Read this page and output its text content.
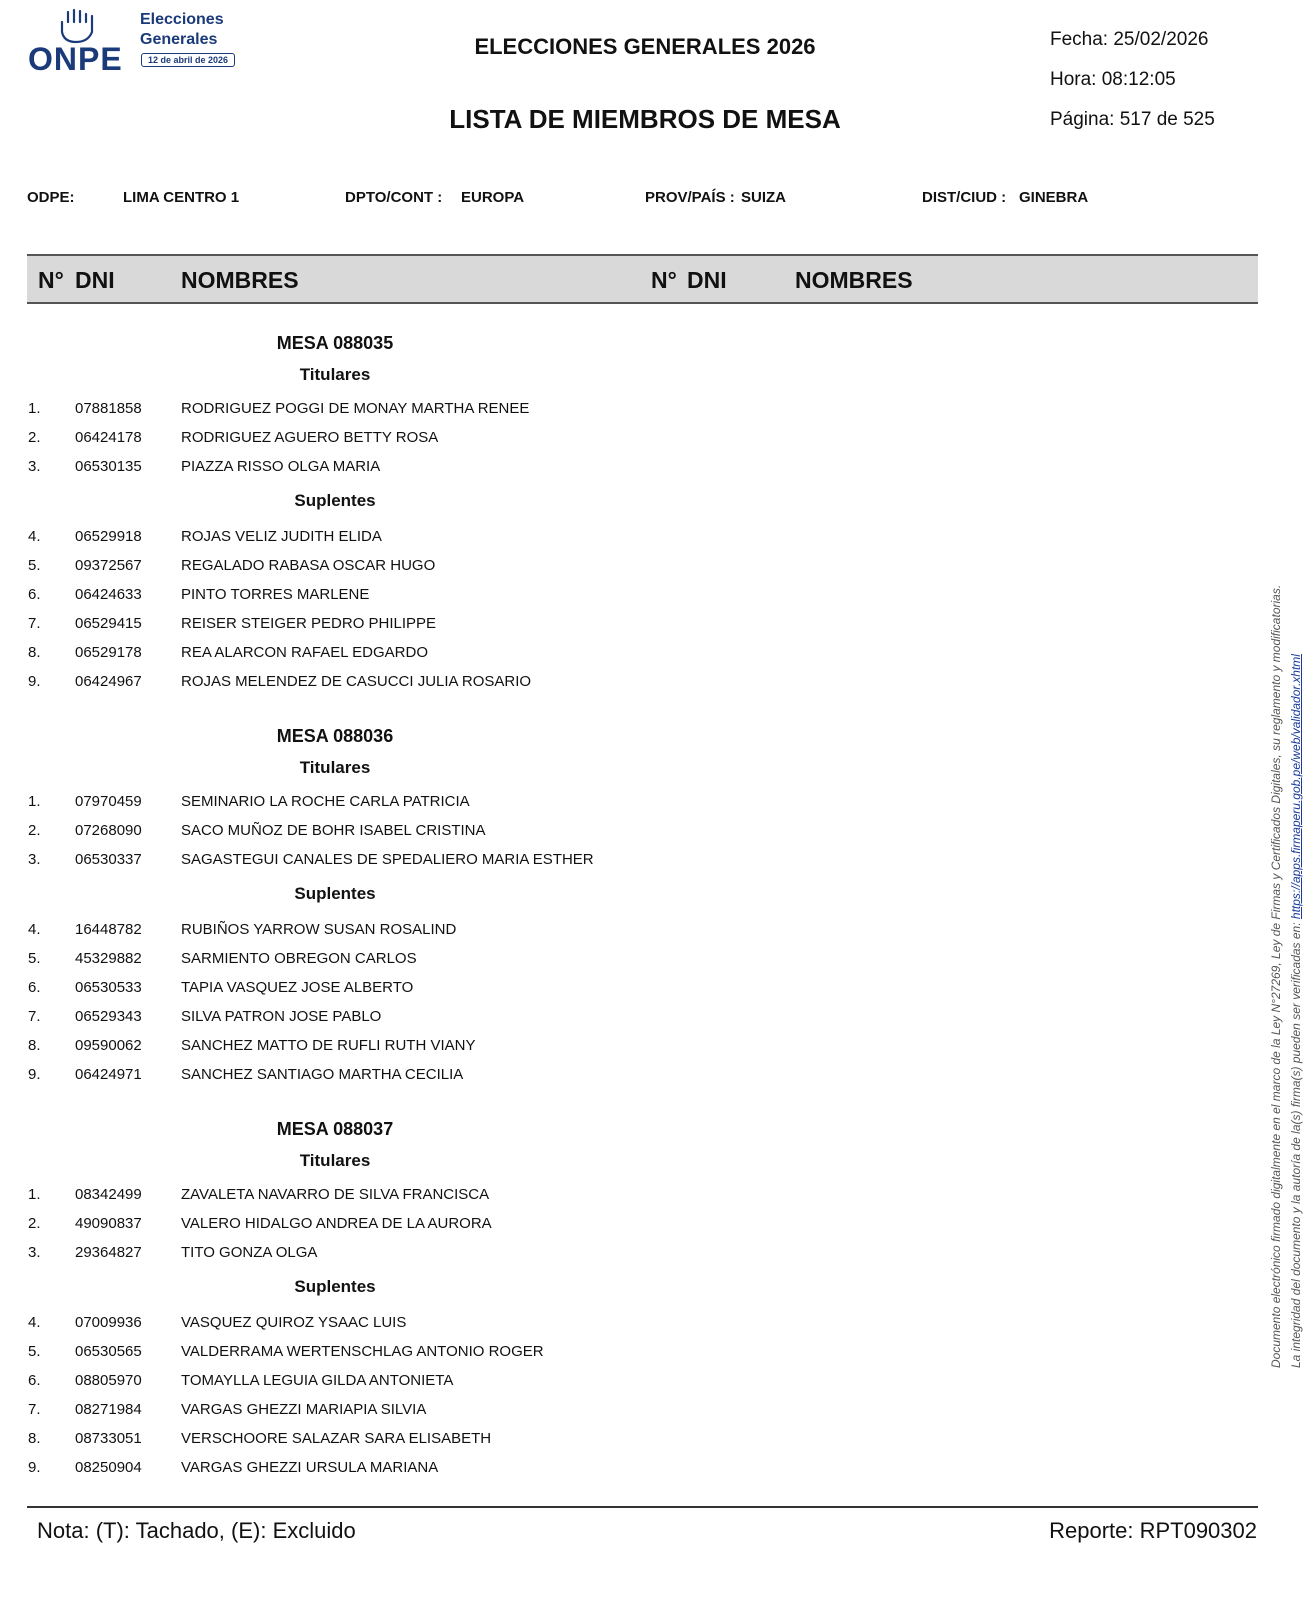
ONPE
Elecciones
Generales
12 de abril de 2026
ELECCIONES GENERALES 2026
LISTA DE MIEMBROS DE MESA
Fecha: 25/02/2026
Hora: 08:12:05
Página: 517 de 525
ODPE:	LIMA CENTRO 1	DPTO/CONT : EUROPA	PROV/PAÍS : SUIZA	DIST/CIUD : GINEBRA
N° DNI	NOMBRES	N° DNI	NOMBRES
MESA 088035
Titulares
1. 07881858	RODRIGUEZ POGGI DE MONAY MARTHA RENEE
2. 06424178	RODRIGUEZ AGUERO BETTY ROSA
3. 06530135	PIAZZA RISSO OLGA MARIA
Suplentes
4. 06529918	ROJAS VELIZ JUDITH ELIDA
5. 09372567	REGALADO RABASA OSCAR HUGO
6. 06424633	PINTO TORRES MARLENE
7. 06529415	REISER STEIGER PEDRO PHILIPPE
8. 06529178	REA ALARCON RAFAEL EDGARDO
9. 06424967	ROJAS MELENDEZ DE CASUCCI JULIA ROSARIO
MESA 088036
Titulares
1. 07970459	SEMINARIO LA ROCHE CARLA PATRICIA
2. 07268090	SACO MUÑOZ DE BOHR ISABEL CRISTINA
3. 06530337	SAGASTEGUI CANALES DE SPEDALIERO MARIA ESTHER
Suplentes
4. 16448782	RUBIÑOS YARROW SUSAN ROSALIND
5. 45329882	SARMIENTO OBREGON CARLOS
6. 06530533	TAPIA VASQUEZ JOSE ALBERTO
7. 06529343	SILVA PATRON JOSE PABLO
8. 09590062	SANCHEZ MATTO DE RUFLI RUTH VIANY
9. 06424971	SANCHEZ SANTIAGO MARTHA CECILIA
MESA 088037
Titulares
1. 08342499	ZAVALETA NAVARRO DE SILVA FRANCISCA
2. 49090837	VALERO HIDALGO ANDREA DE LA AURORA
3. 29364827	TITO GONZA OLGA
Suplentes
4. 07009936	VASQUEZ QUIROZ YSAAC LUIS
5. 06530565	VALDERRAMA WERTENSCHLAG ANTONIO ROGER
6. 08805970	TOMAYLLA LEGUIA GILDA ANTONIETA
7. 08271984	VARGAS GHEZZI MARIAPIA SILVIA
8. 08733051	VERSCHOORE SALAZAR SARA ELISABETH
9. 08250904	VARGAS GHEZZI URSULA MARIANA
Documento electrónico firmado digitalmente en el marco de la Ley N°27269, Ley de Firmas y Certificados Digitales, su reglamento y modificatorias. La integridad del documento y la autoría de la(s) firma(s) pueden ser verificadas en: https://apps.firmaperu.gob.pe/web/validador.xhtml
Nota: (T): Tachado, (E): Excluido	Reporte: RPT090302
